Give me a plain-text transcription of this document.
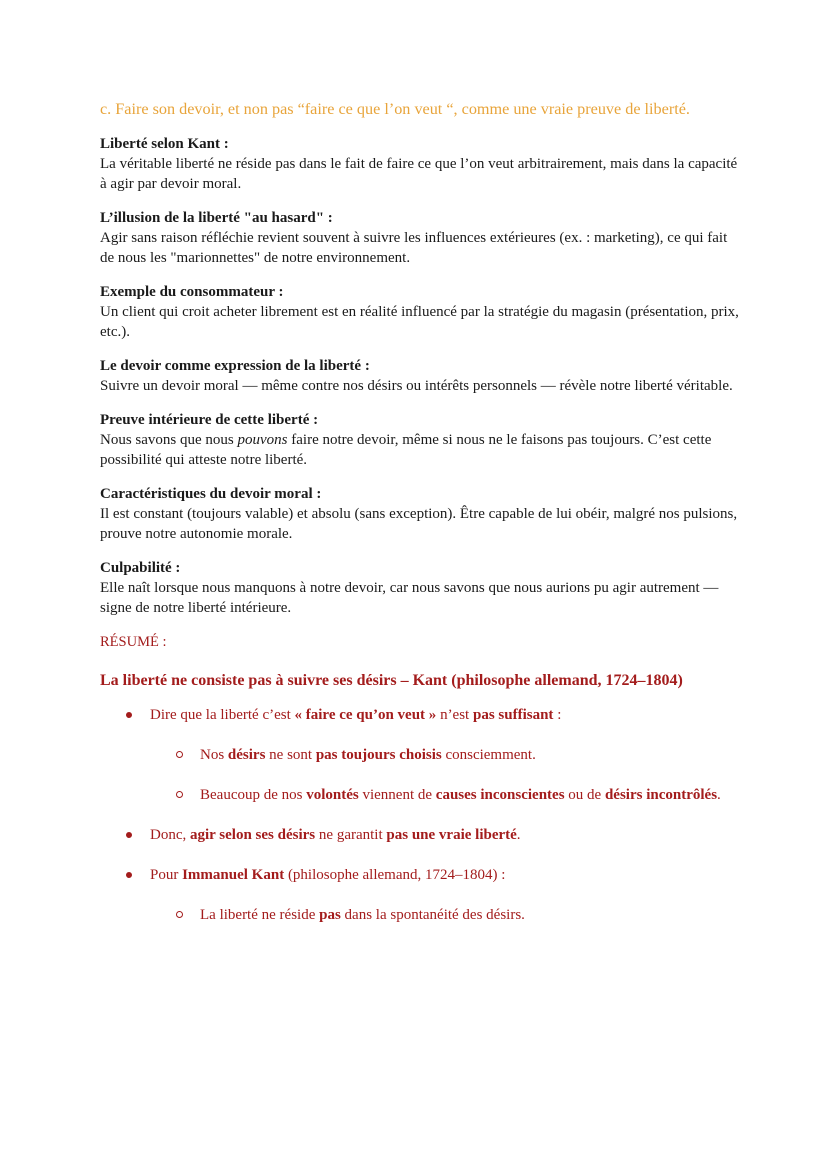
c. Faire son devoir, et non pas “faire ce que l’on veut “, comme une vraie preuve de liberté.

Liberté selon Kant :
La véritable liberté ne réside pas dans le fait de faire ce que l’on veut arbitrairement, mais dans la capacité à agir par devoir moral.
L’illusion de la liberté "au hasard" :
Agir sans raison réfléchie revient souvent à suivre les influences extérieures (ex. : marketing), ce qui fait de nous les "marionnettes" de notre environnement.
Exemple du consommateur :
Un client qui croit acheter librement est en réalité influencé par la stratégie du magasin (présentation, prix, etc.).
Le devoir comme expression de la liberté :
Suivre un devoir moral — même contre nos désirs ou intérêts personnels — révèle notre liberté véritable.
Preuve intérieure de cette liberté :
Nous savons que nous pouvons faire notre devoir, même si nous ne le faisons pas toujours. C’est cette possibilité qui atteste notre liberté.
Caractéristiques du devoir moral :
Il est constant (toujours valable) et absolu (sans exception). Être capable de lui obéir, malgré nos pulsions, prouve notre autonomie morale.
Culpabilité :
Elle naît lorsque nous manquons à notre devoir, car nous savons que nous aurions pu agir autrement — signe de notre liberté intérieure.

RÉSUMÉ :

La liberté ne consiste pas à suivre ses désirs – Kant (philosophe allemand, 1724–1804)

Dire que la liberté c’est « faire ce qu’on veut » n’est pas suffisant :
Nos désirs ne sont pas toujours choisis consciemment.
Beaucoup de nos volontés viennent de causes inconscientes ou de désirs incontrôlés.
Donc, agir selon ses désirs ne garantit pas une vraie liberté.
Pour Immanuel Kant (philosophe allemand, 1724–1804) :
La liberté ne réside pas dans la spontanéité des désirs.
